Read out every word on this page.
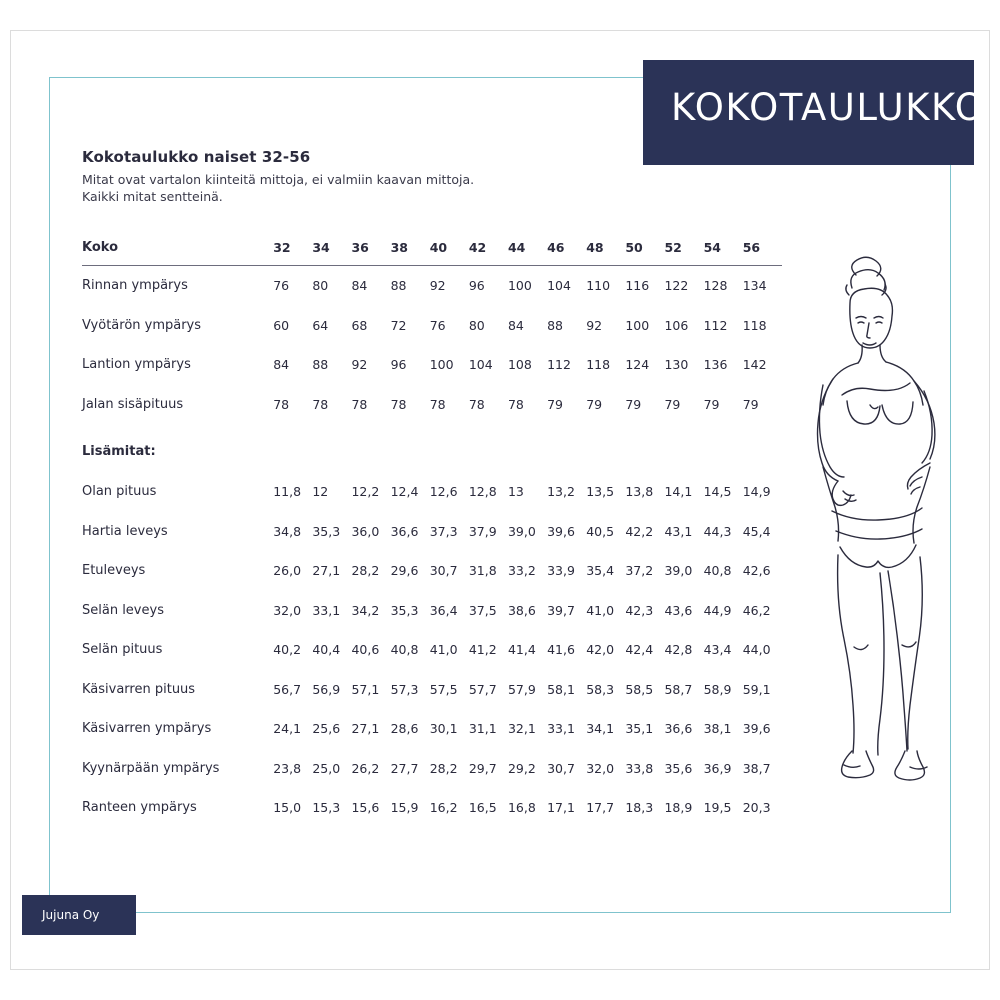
KOKOTAULUKKO
Jujuna Oy
Kokotaulukko naiset 32-56
Mitat ovat vartalon kiinteitä mittoja, ei valmiin kaavan mittoja.
Kaikki mitat sentteinä.
Koko	32	34	36	38	40	42	44	46	48	50	52	54	56
Rinnan ympärys	76	80	84	88	92	96	100	104	110	116	122	128	134
Vyötärön ympärys	60	64	68	72	76	80	84	88	92	100	106	112	118
Lantion ympärys	84	88	92	96	100	104	108	112	118	124	130	136	142
Jalan sisäpituus	78	78	78	78	78	78	78	79	79	79	79	79	79
Lisämitat:													
Olan pituus	11,8	12	12,2	12,4	12,6	12,8	13	13,2	13,5	13,8	14,1	14,5	14,9
Hartia leveys	34,8	35,3	36,0	36,6	37,3	37,9	39,0	39,6	40,5	42,2	43,1	44,3	45,4
Etuleveys	26,0	27,1	28,2	29,6	30,7	31,8	33,2	33,9	35,4	37,2	39,0	40,8	42,6
Selän leveys	32,0	33,1	34,2	35,3	36,4	37,5	38,6	39,7	41,0	42,3	43,6	44,9	46,2
Selän pituus	40,2	40,4	40,6	40,8	41,0	41,2	41,4	41,6	42,0	42,4	42,8	43,4	44,0
Käsivarren pituus	56,7	56,9	57,1	57,3	57,5	57,7	57,9	58,1	58,3	58,5	58,7	58,9	59,1
Käsivarren ympärys	24,1	25,6	27,1	28,6	30,1	31,1	32,1	33,1	34,1	35,1	36,6	38,1	39,6
Kyynärpään ympärys	23,8	25,0	26,2	27,7	28,2	29,7	29,2	30,7	32,0	33,8	35,6	36,9	38,7
Ranteen ympärys	15,0	15,3	15,6	15,9	16,2	16,5	16,8	17,1	17,7	18,3	18,9	19,5	20,3
